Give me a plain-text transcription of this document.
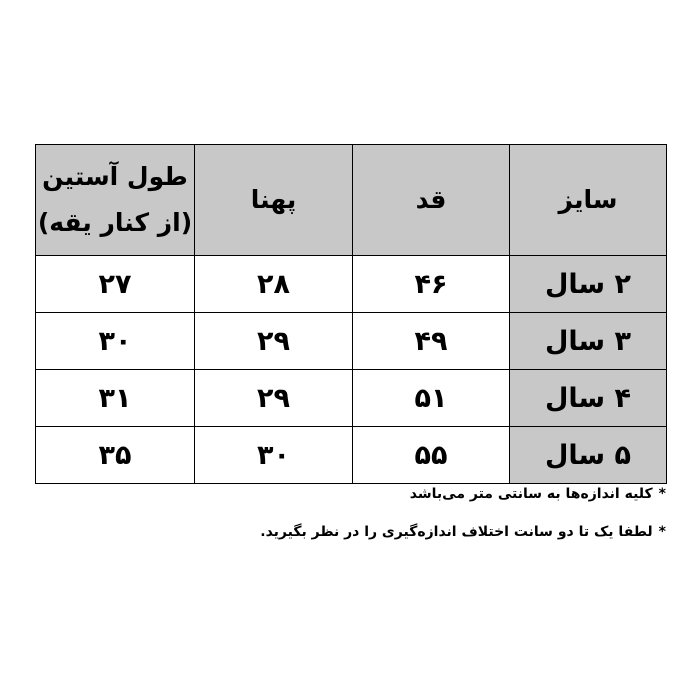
سایز	قد	پهنا	طول آستین
(از کنار یقه)

۲ سال	۴۶	۲۸	۲۷
۳ سال	۴۹	۲۹	۳۰
۴ سال	۵۱	۲۹	۳۱
۵ سال	۵۵	۳۰	۳۵
*کلیه اندازه‌ها به سانتی متر می‌باشد
*لطفا یک تا دو سانت اختلاف اندازه‌گیری را در نظر بگیرید.
